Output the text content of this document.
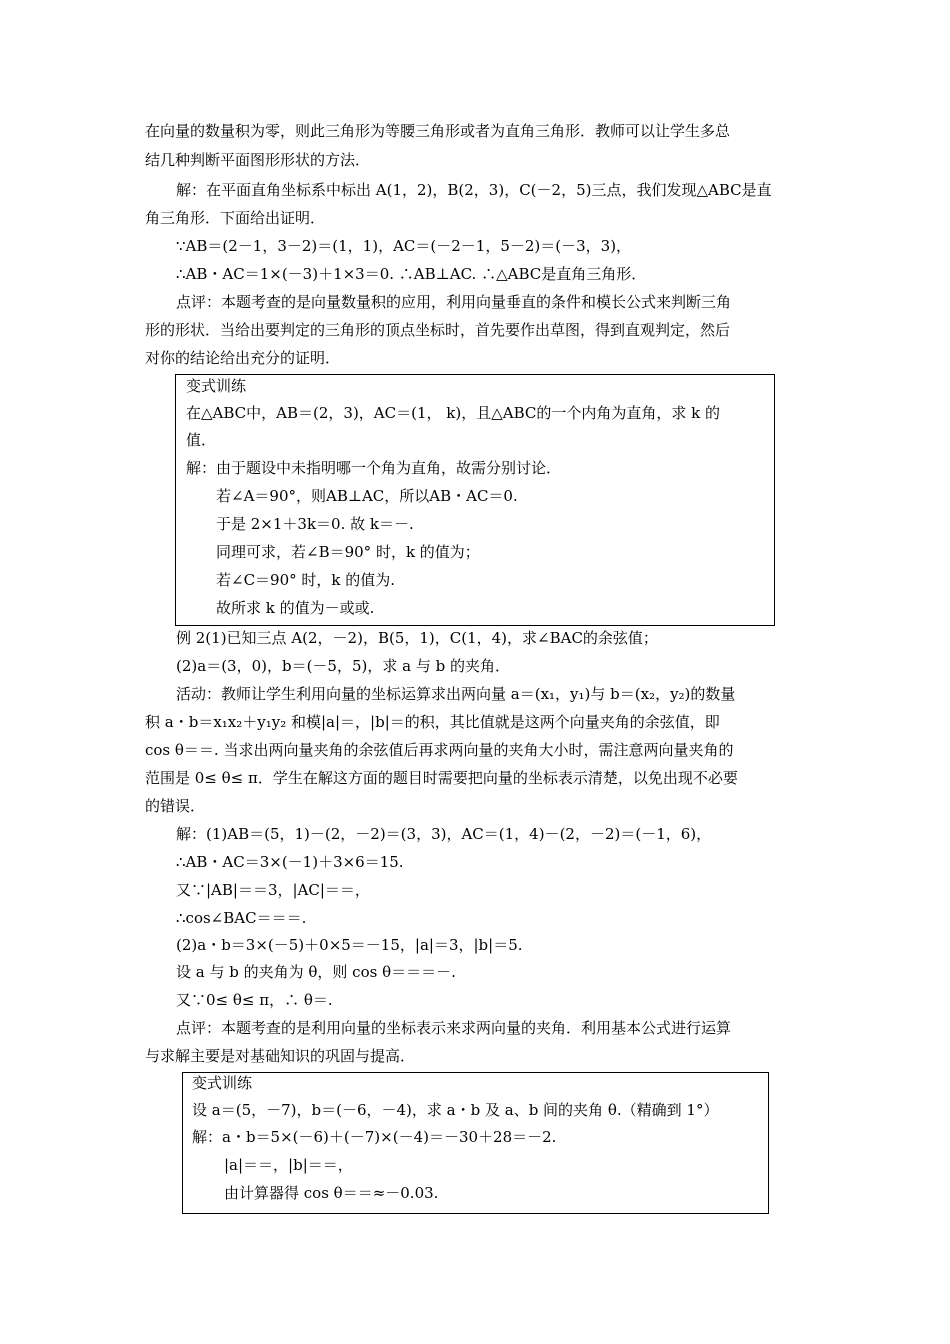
在向量的数量积为零，则此三角形为等腰三角形或者为直角三角形．教师可以让学生多总
结几种判断平面图形形状的方法．
解：在平面直角坐标系中标出 A(1，2)，B(2，3)，C(－2，5)三点，我们发现△ABC是直
角三角形．下面给出证明．
∵AB＝(2－1，3－2)＝(1，1)，AC＝(－2－1，5－2)＝(－3，3)，
∴AB・AC＝1×(－3)＋1×3＝0. ∴AB⊥AC. ∴△ABC是直角三角形．
点评：本题考查的是向量数量积的应用，利用向量垂直的条件和模长公式来判断三角
形的形状．当给出要判定的三角形的顶点坐标时，首先要作出草图，得到直观判定，然后
对你的结论给出充分的证明．
变式训练
在△ABC中，AB＝(2，3)，AC＝(1， k)，且△ABC的一个内角为直角，求 k 的
值．
解：由于题设中未指明哪一个角为直角，故需分别讨论．
若∠A＝90°，则AB⊥AC，所以AB・AC＝0.
于是 2×1＋3k＝0. 故 k＝－.
同理可求，若∠B＝90° 时，k 的值为；
若∠C＝90° 时，k 的值为.
故所求 k 的值为－或或.
例 2(1)已知三点 A(2，－2)，B(5，1)，C(1，4)，求∠BAC的余弦值；
(2)a＝(3，0)，b＝(－5，5)，求 a 与 b 的夹角．
活动：教师让学生利用向量的坐标运算求出两向量 a＝(x₁，y₁)与 b＝(x₂，y₂)的数量
积 a・b＝x₁x₂＋y₁y₂ 和模|a|＝，|b|＝的积，其比值就是这两个向量夹角的余弦值，即
cos θ＝＝. 当求出两向量夹角的余弦值后再求两向量的夹角大小时，需注意两向量夹角的
范围是 0≤ θ≤ π．学生在解这方面的题目时需要把向量的坐标表示清楚，以免出现不必要
的错误．
解：(1)AB＝(5，1)－(2，－2)＝(3，3)，AC＝(1，4)－(2，－2)＝(－1，6)，
∴AB・AC＝3×(－1)＋3×6＝15.
又∵|AB|＝＝3，|AC|＝＝，
∴cos∠BAC＝＝＝.
(2)a・b＝3×(－5)＋0×5＝－15，|a|＝3，|b|＝5.
设 a 与 b 的夹角为 θ，则 cos θ＝＝＝－.
又∵0≤ θ≤ π，∴ θ＝.
点评：本题考查的是利用向量的坐标表示来求两向量的夹角．利用基本公式进行运算
与求解主要是对基础知识的巩固与提高．
变式训练
设 a＝(5，－7)，b＝(－6，－4)，求 a・b 及 a、b 间的夹角 θ.（精确到 1°）
解：a・b＝5×(－6)＋(－7)×(－4)＝－30＋28＝－2.
|a|＝＝，|b|＝＝，
由计算器得 cos θ＝＝≈－0.03.
